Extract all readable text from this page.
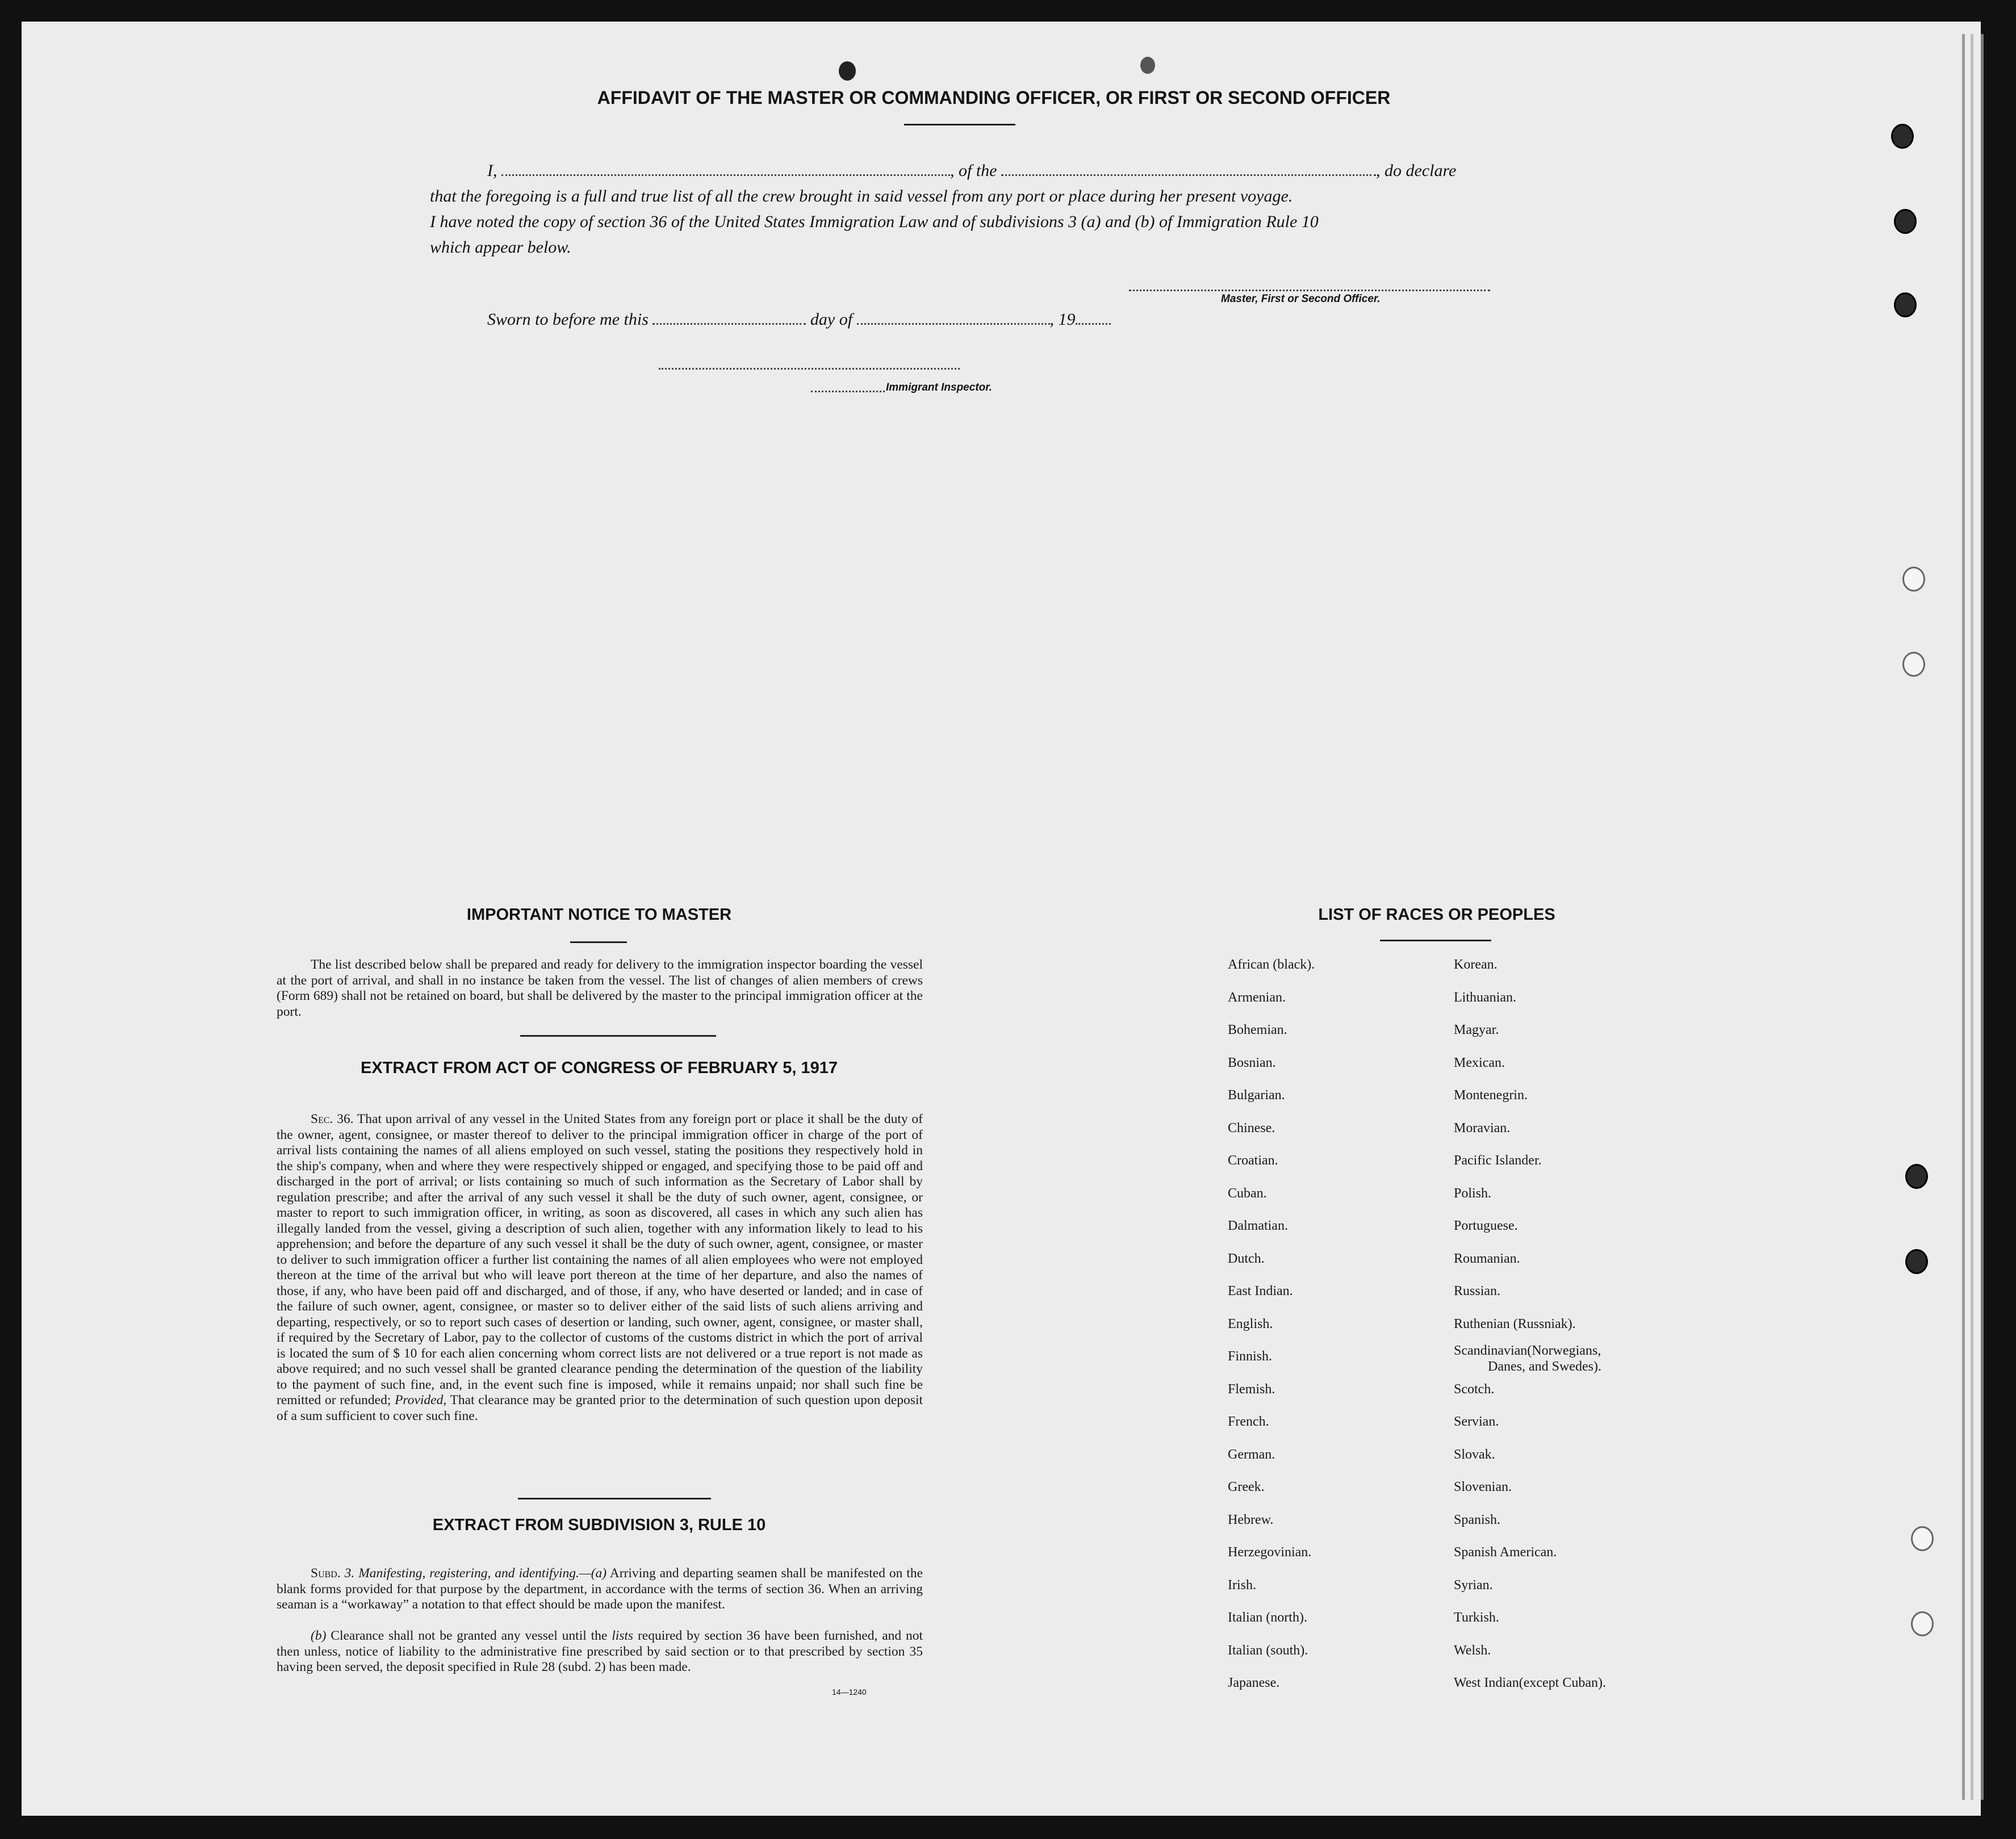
AFFIDAVIT OF THE MASTER OR COMMANDING OFFICER, OR FIRST OR SECOND OFFICER
I,	, of the	, do declare
that the foregoing is a full and true list of all the crew brought in said vessel from any port or place during her present voyage.
I have noted the copy of section 36 of the United States Immigration Law and of subdivisions 3 (a) and (b) of Immigration Rule 10
which appear below.
Master, First or Second Officer.
Sworn to before me this	day of	, 19
Immigrant Inspector.
IMPORTANT NOTICE TO MASTER
The list described below shall be prepared and ready for delivery to the immigration inspector boarding the vessel at the port of arrival, and shall in no instance be taken from the vessel. The list of changes of alien members of crews (Form 689) shall not be retained on board, but shall be delivered by the master to the principal immigration officer at the port.
EXTRACT FROM ACT OF CONGRESS OF FEBRUARY 5, 1917
Sec. 36. That upon arrival of any vessel in the United States from any foreign port or place it shall be the duty of the owner, agent, consignee, or master thereof to deliver to the principal immigration officer in charge of the port of arrival lists containing the names of all aliens employed on such vessel, stating the positions they respectively hold in the ship's company, when and where they were respectively shipped or engaged, and specifying those to be paid off and discharged in the port of arrival; or lists containing so much of such information as the Secretary of Labor shall by regulation prescribe; and after the arrival of any such vessel it shall be the duty of such owner, agent, consignee, or master to report to such immigration officer, in writing, as soon as discovered, all cases in which any such alien has illegally landed from the vessel, giving a description of such alien, together with any information likely to lead to his apprehension; and before the departure of any such vessel it shall be the duty of such owner, agent, consignee, or master to deliver to such immigration officer a further list containing the names of all alien employees who were not employed thereon at the time of the arrival but who will leave port thereon at the time of her departure, and also the names of those, if any, who have been paid off and discharged, and of those, if any, who have deserted or landed; and in case of the failure of such owner, agent, consignee, or master so to deliver either of the said lists of such aliens arriving and departing, respectively, or so to report such cases of desertion or landing, such owner, agent, consignee, or master shall, if required by the Secretary of Labor, pay to the collector of customs of the customs district in which the port of arrival is located the sum of $ 10 for each alien concerning whom correct lists are not delivered or a true report is not made as above required; and no such vessel shall be granted clearance pending the determination of the question of the liability to the payment of such fine, and, in the event such fine is imposed, while it remains unpaid; nor shall such fine be remitted or refunded; Provided, That clearance may be granted prior to the determination of such question upon deposit of a sum sufficient to cover such fine.
EXTRACT FROM SUBDIVISION 3, RULE 10
Subd. 3. Manifesting, registering, and identifying.—(a) Arriving and departing seamen shall be manifested on the blank forms provided for that purpose by the department, in accordance with the terms of section 36. When an arriving seaman is a “workaway” a notation to that effect should be made upon the manifest.
(b) Clearance shall not be granted any vessel until the lists required by section 36 have been furnished, and not then unless, notice of liability to the administrative fine prescribed by said section or to that prescribed by section 35 having been served, the deposit specified in Rule 28 (subd. 2) has been made.
14—1240
LIST OF RACES OR PEOPLES
African (black).
Armenian.
Bohemian.
Bosnian.
Bulgarian.
Chinese.
Croatian.
Cuban.
Dalmatian.
Dutch.
East Indian.
English.
Finnish.
Flemish.
French.
German.
Greek.
Hebrew.
Herzegovinian.
Irish.
Italian (north).
Italian (south).
Japanese.
Korean.
Lithuanian.
Magyar.
Mexican.
Montenegrin.
Moravian.
Pacific Islander.
Polish.
Portuguese.
Roumanian.
Russian.
Ruthenian (Russniak).
Scandinavian(Norwegians,
Danes, and Swedes).
Scotch.
Servian.
Slovak.
Slovenian.
Spanish.
Spanish American.
Syrian.
Turkish.
Welsh.
West Indian(except Cuban).
